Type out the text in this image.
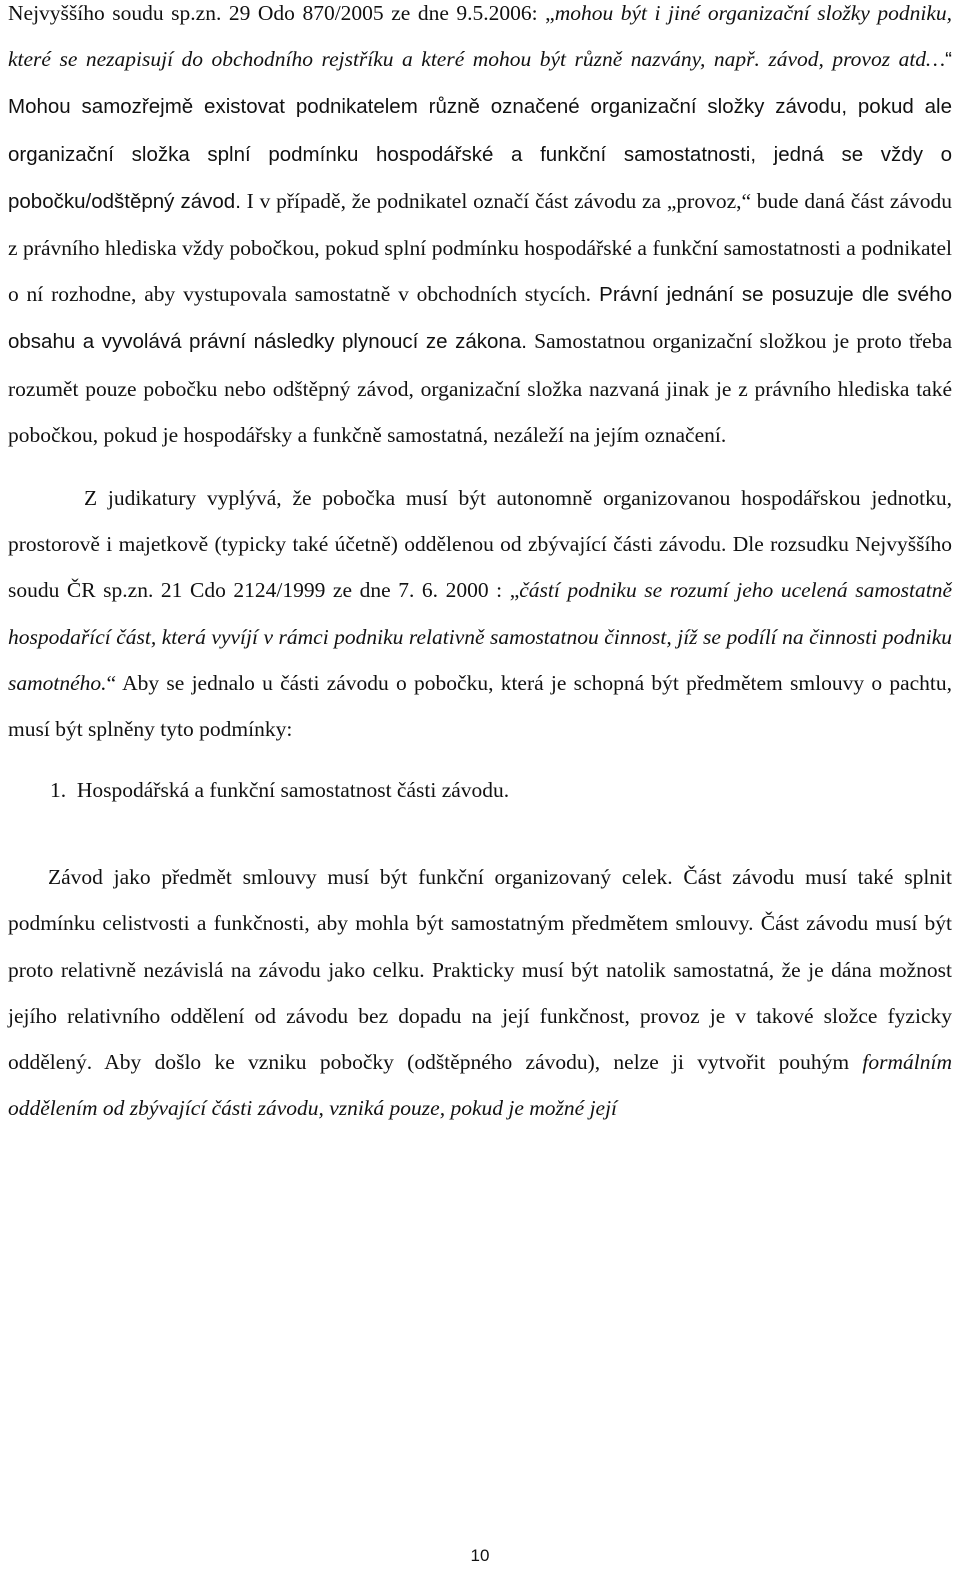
Nejvyššího soudu sp.zn. 29 Odo 870/2005 ze dne 9.5.2006: „mohou být i jiné organizační složky podniku, které se nezapisují do obchodního rejstříku a které mohou být různě nazvány, např. závod, provoz atd…“ Mohou samozřejmě existovat podnikatelem různě označené organizační složky závodu, pokud ale organizační složka splní podmínku hospodářské a funkční samostatnosti, jedná se vždy o pobočku/odštěpný závod. I v případě, že podnikatel označí část závodu za „provoz,“ bude daná část závodu z právního hlediska vždy pobočkou, pokud splní podmínku hospodářské a funkční samostatnosti a podnikatel o ní rozhodne, aby vystupovala samostatně v obchodních stycích. Právní jednání se posuzuje dle svého obsahu a vyvolává právní následky plynoucí ze zákona. Samostatnou organizační složkou je proto třeba rozumět pouze pobočku nebo odštěpný závod, organizační složka nazvaná jinak je z právního hlediska také pobočkou, pokud je hospodářsky a funkčně samostatná, nezáleží na jejím označení.

Z judikatury vyplývá, že pobočka musí být autonomně organizovanou hospodářskou jednotku, prostorově i majetkově (typicky také účetně) oddělenou od zbývající části závodu. Dle rozsudku Nejvyššího soudu ČR sp.zn. 21 Cdo 2124/1999 ze dne 7. 6. 2000 : „částí podniku se rozumí jeho ucelená samostatně hospodařící část, která vyvíjí v rámci podniku relativně samostatnou činnost, jíž se podílí na činnosti podniku samotného.“ Aby se jednalo u části závodu o pobočku, která je schopná být předmětem smlouvy o pachtu, musí být splněny tyto podmínky:

1. Hospodářská a funkční samostatnost části závodu.

Závod jako předmět smlouvy musí být funkční organizovaný celek. Část závodu musí také splnit podmínku celistvosti a funkčnosti, aby mohla být samostatným předmětem smlouvy. Část závodu musí být proto relativně nezávislá na závodu jako celku. Prakticky musí být natolik samostatná, že je dána možnost jejího relativního oddělení od závodu bez dopadu na její funkčnost, provoz je v takové složce fyzicky oddělený. Aby došlo ke vzniku pobočky (odštěpného závodu), nelze ji vytvořit pouhým formálním oddělením od zbývající části závodu, vzniká pouze, pokud je možné její

10
